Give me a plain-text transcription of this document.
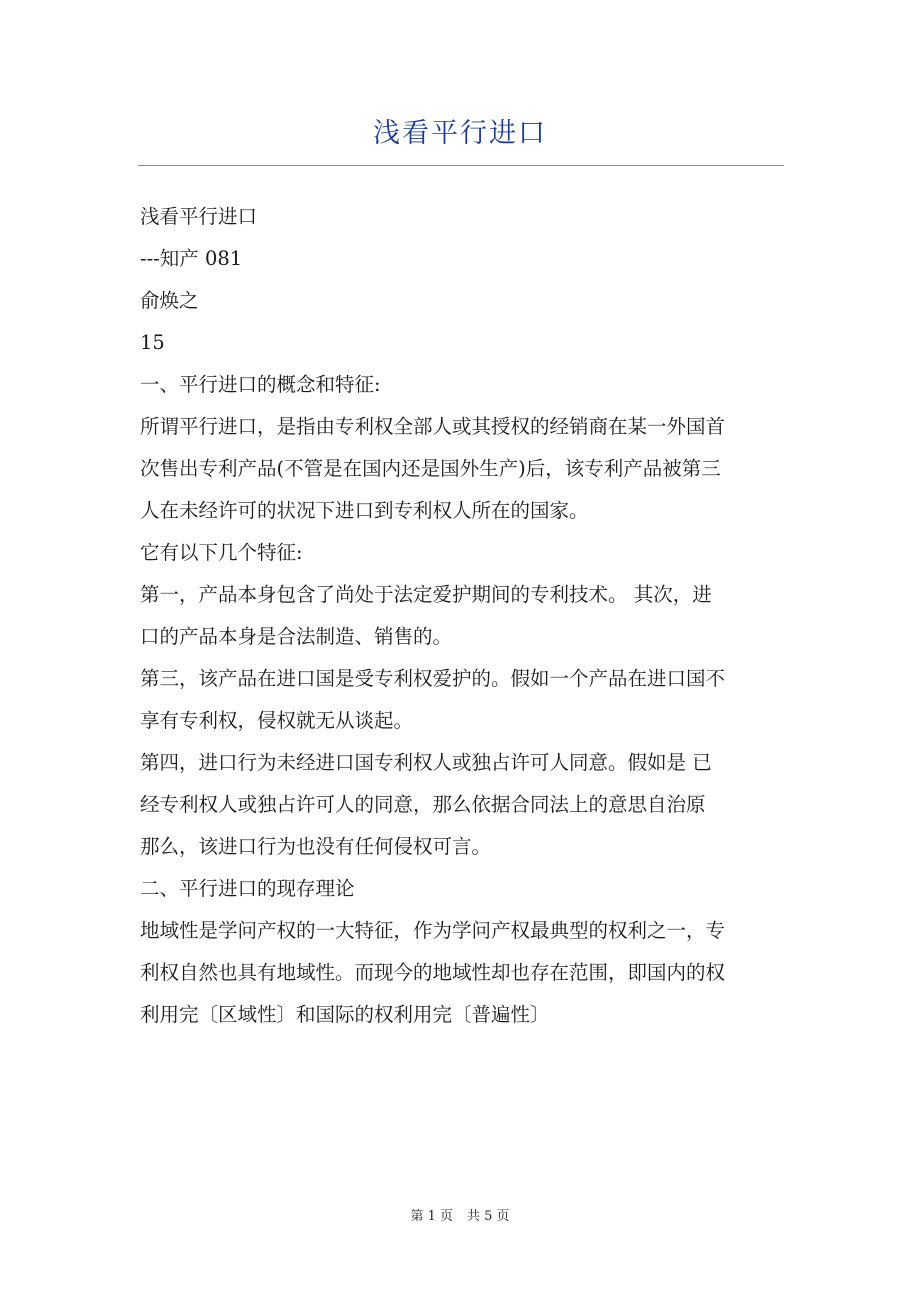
浅看平行进口

浅看平行进口

---知产 081

俞焕之

15

一、平行进口的概念和特征:

所谓平行进口，是指由专利权全部人或其授权的经销商在某一外国首
次售出专利产品(不管是在国内还是国外生产)后，该专利产品被第三
人在未经许可的状况下进口到专利权人所在的国家。

它有以下几个特征:

第一，产品本身包含了尚处于法定爱护期间的专利技术。 其次，进
口的产品本身是合法制造、销售的。
第三，该产品在进口国是受专利权爱护的。假如一个产品在进口国不
享有专利权，侵权就无从谈起。
第四，进口行为未经进口国专利权人或独占许可人同意。假如是 已
经专利权人或独占许可人的同意，那么依据合同法上的意思自治原
那么，该进口行为也没有任何侵权可言。

二、平行进口的现存理论

地域性是学问产权的一大特征，作为学问产权最典型的权利之一，专
利权自然也具有地域性。而现今的地域性却也存在范围，即国内的权
利用完〔区域性〕和国际的权利用完〔普遍性〕
第 1 页 共 5 页
